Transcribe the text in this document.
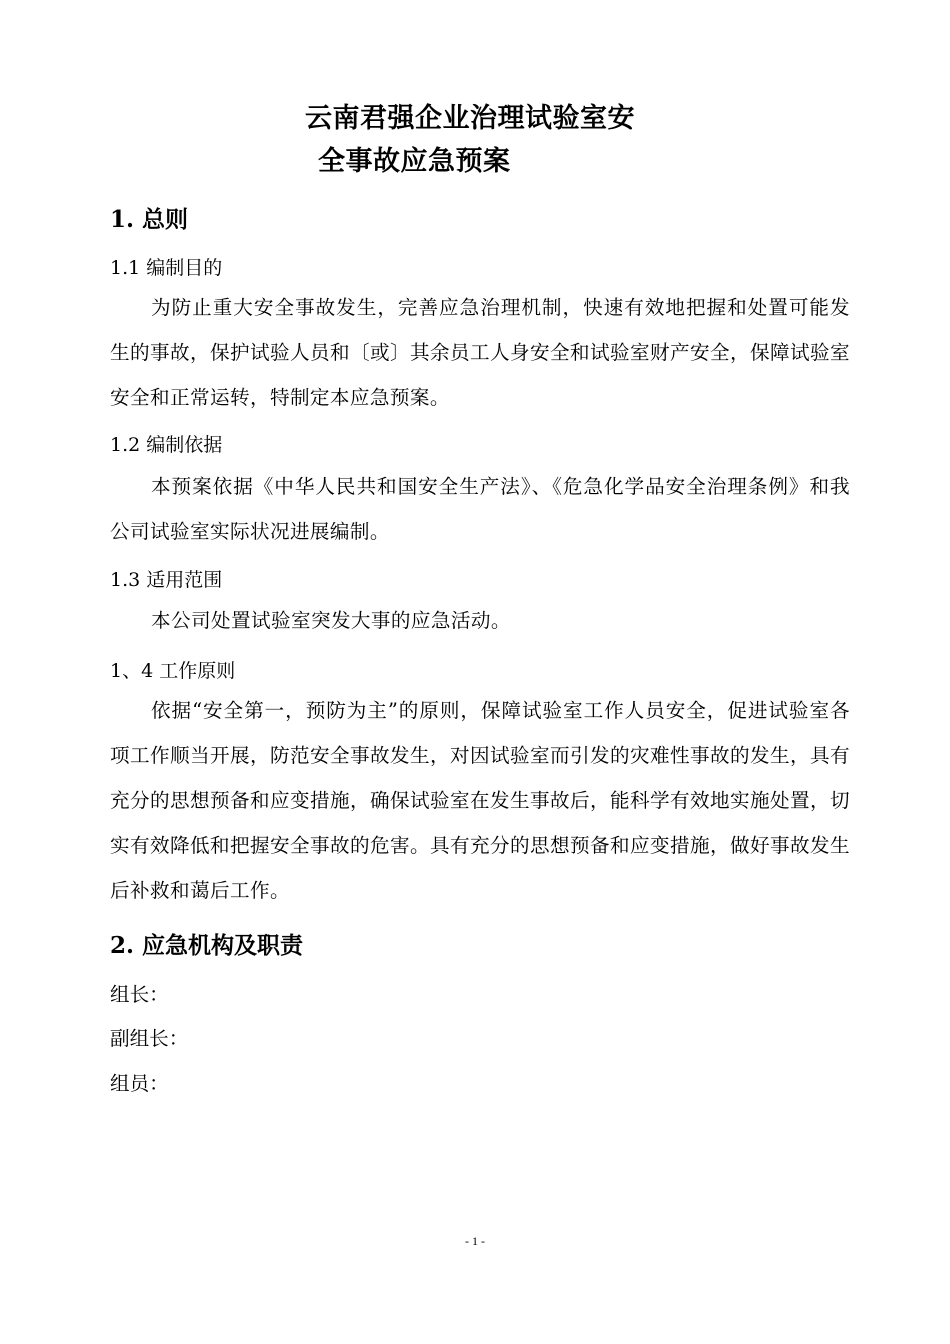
云南君强企业治理试验室安
全事故应急预案
1. 总则
1.1 编制目的
为防止重大安全事故发生，完善应急治理机制，快速有效地把握和处置可能发生的事故，保护试验人员和〔或〕其余员工人身安全和试验室财产安全，保障试验室安全和正常运转，特制定本应急预案。
1.2 编制依据
本预案依据《中华人民共和国安全生产法》、《危急化学品安全治理条例》和我公司试验室实际状况进展编制。
1.3 适用范围
本公司处置试验室突发大事的应急活动。
1、4 工作原则
依据“安全第一，预防为主”的原则，保障试验室工作人员安全，促进试验室各项工作顺当开展，防范安全事故发生，对因试验室而引发的灾难性事故的发生，具有充分的思想预备和应变措施，确保试验室在发生事故后，能科学有效地实施处置，切实有效降低和把握安全事故的危害。具有充分的思想预备和应变措施，做好事故发生后补救和蔼后工作。
2. 应急机构及职责
组长：
副组长：
组员：
- 1 -
